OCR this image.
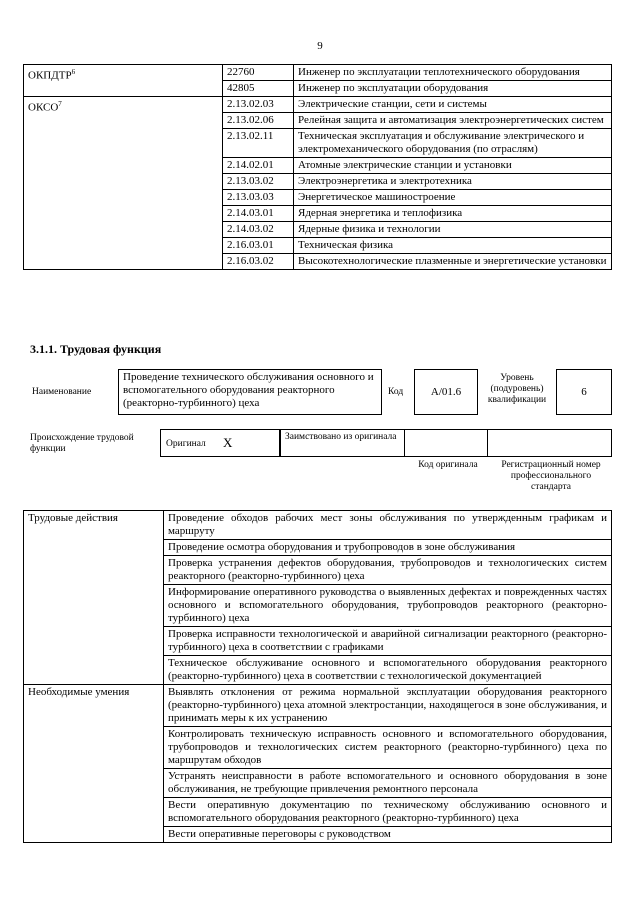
9
ОКПДТР$^6$	22760	Инженер по эксплуатации теплотехнического оборудования
	42805	Инженер по эксплуатации оборудования
ОКСО$^7$	2.13.02.03	Электрические станции, сети и системы
	2.13.02.06	Релейная защита и автоматизация электроэнергетических систем
	2.13.02.11	Техническая эксплуатация и обслуживание электрического и электромеханического оборудования (по отраслям)
	2.14.02.01	Атомные электрические станции и установки
	2.13.03.02	Электроэнергетика и электротехника
	2.13.03.03	Энергетическое машиностроение
	2.14.03.01	Ядерная энергетика и теплофизика
	2.14.03.02	Ядерные физика и технологии
	2.16.03.01	Техническая физика
	2.16.03.02	Высокотехнологические плазменные и энергетические установки
3.1.1. Трудовая функция
Наименование
Проведение технического обслуживания основного и вспомогательного оборудования реакторного (реакторно-турбинного) цеха
Код	A/01.6
Уровень (подуровень) квалификации
6
Происхождение трудовой функции	Оригинал X	Заимствовано из оригинала
Код оригинала	Регистрационный номер профессионального стандарта
Трудовые действия	Проведение обходов рабочих мест зоны обслуживания по утвержденным графикам и маршруту
	Проведение осмотра оборудования и трубопроводов в зоне обслуживания
	Проверка устранения дефектов оборудования, трубопроводов и технологических систем реакторного (реакторно-турбинного) цеха
	Информирование оперативного руководства о выявленных дефектах и поврежденных частях основного и вспомогательного оборудования, трубопроводов реакторного (реакторно-турбинного) цеха
	Проверка исправности технологической и аварийной сигнализации реакторного (реакторно-турбинного) цеха в соответствии с графиками
	Техническое обслуживание основного и вспомогательного оборудования реакторного (реакторно-турбинного) цеха в соответствии с технологической документацией
Необходимые умения	Выявлять отклонения от режима нормальной эксплуатации оборудования реакторного (реакторно-турбинного) цеха атомной электростанции, находящегося в зоне обслуживания, и принимать меры к их устранению
	Контролировать техническую исправность основного и вспомогательного оборудования, трубопроводов и технологических систем реакторного (реакторно-турбинного) цеха по маршрутам обходов
	Устранять неисправности в работе вспомогательного и основного оборудования в зоне обслуживания, не требующие привлечения ремонтного персонала
	Вести оперативную документацию по техническому обслуживанию основного и вспомогательного оборудования реакторного (реакторно-турбинного) цеха
	Вести оперативные переговоры с руководством
